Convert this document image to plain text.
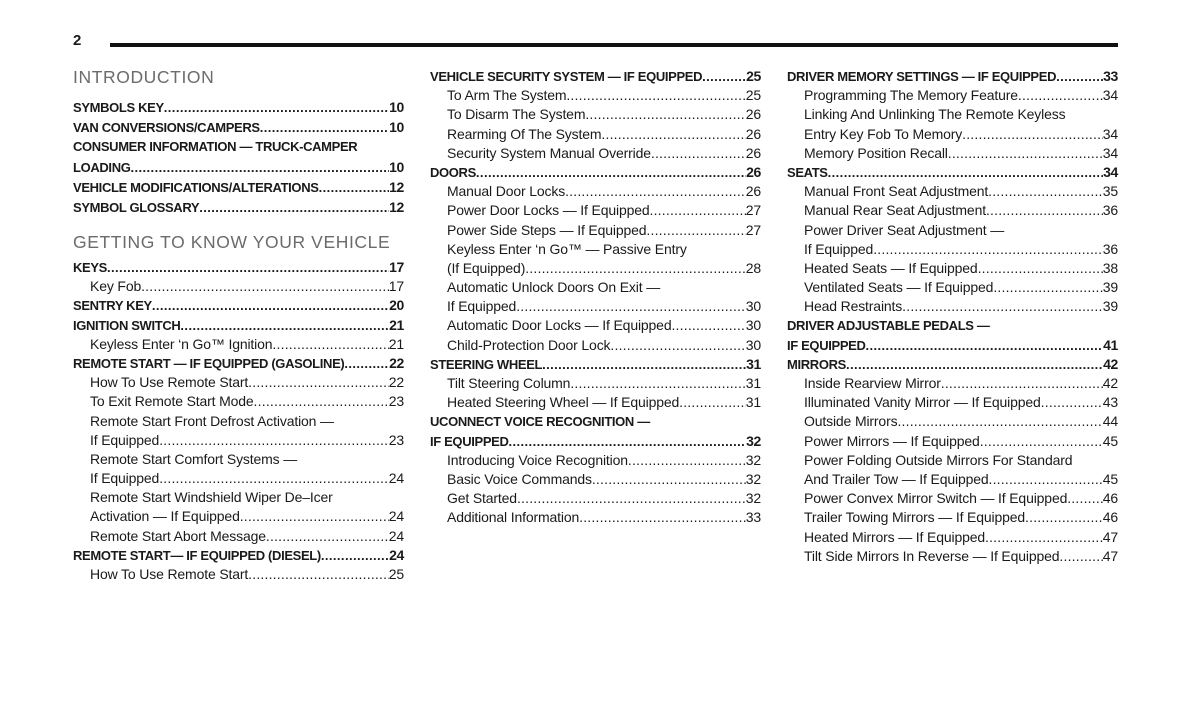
2
INTRODUCTION
SYMBOLS KEY .....	10
VAN CONVERSIONS/CAMPERS .....	10
CONSUMER INFORMATION — TRUCK-CAMPER
LOADING .....	10
VEHICLE MODIFICATIONS/ALTERATIONS .....	12
SYMBOL GLOSSARY .....	12
GETTING TO KNOW YOUR VEHICLE
KEYS .....	17
Key Fob .....	17
SENTRY KEY .....	20
IGNITION SWITCH .....	21
Keyless Enter ‘n Go™ Ignition .....	21
REMOTE START — IF EQUIPPED (GASOLINE) .....	22
How To Use Remote Start .....	22
To Exit Remote Start Mode .....	23
Remote Start Front Defrost Activation —
If Equipped .....	23
Remote Start Comfort Systems —
If Equipped .....	24
Remote Start Windshield Wiper De–Icer
Activation — If Equipped .....	24
Remote Start Abort Message .....	24
REMOTE START— IF EQUIPPED (DIESEL) .....	24
How To Use Remote Start .....	25
VEHICLE SECURITY SYSTEM — IF EQUIPPED .....	25
To Arm The System .....	25
To Disarm The System .....	26
Rearming Of The System .....	26
Security System Manual Override .....	26
DOORS .....	26
Manual Door Locks .....	26
Power Door Locks — If Equipped .....	27
Power Side Steps — If Equipped .....	27
Keyless Enter ‘n Go™ — Passive Entry
(If Equipped) .....	28
Automatic Unlock Doors On Exit —
If Equipped .....	30
Automatic Door Locks — If Equipped .....	30
Child-Protection Door Lock .....	30
STEERING WHEEL .....	31
Tilt Steering Column .....	31
Heated Steering Wheel — If Equipped .....	31
UCONNECT VOICE RECOGNITION —
IF EQUIPPED .....	32
Introducing Voice Recognition .....	32
Basic Voice Commands .....	32
Get Started .....	32
Additional Information .....	33
DRIVER MEMORY SETTINGS — IF EQUIPPED .....	33
Programming The Memory Feature .....	34
Linking And Unlinking The Remote Keyless
Entry Key Fob To Memory .....	34
Memory Position Recall .....	34
SEATS .....	34
Manual Front Seat Adjustment .....	35
Manual Rear Seat Adjustment .....	36
Power Driver Seat Adjustment —
If Equipped .....	36
Heated Seats — If Equipped .....	38
Ventilated Seats — If Equipped .....	39
Head Restraints .....	39
DRIVER ADJUSTABLE PEDALS —
IF EQUIPPED .....	41
MIRRORS .....	42
Inside Rearview Mirror .....	42
Illuminated Vanity Mirror — If Equipped .....	43
Outside Mirrors .....	44
Power Mirrors — If Equipped .....	45
Power Folding Outside Mirrors For Standard
And Trailer Tow — If Equipped .....	45
Power Convex Mirror Switch — If Equipped .....	46
Trailer Towing Mirrors — If Equipped .....	46
Heated Mirrors — If Equipped .....	47
Tilt Side Mirrors In Reverse — If Equipped .....	47
